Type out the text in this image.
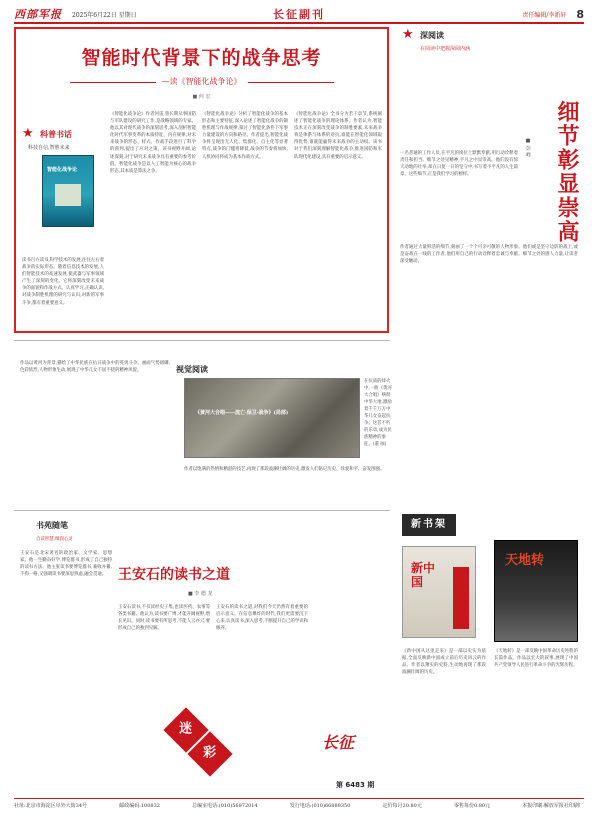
西部军报 2025年6月22日 星期日	长征副刊	责任编辑/李新轩 8
智能时代背景下的战争思考
—读《智能化战争论》
■ 何 宏
★ 科普书话
科技自信,智胜未来
智能化战争论
读书百方读书,科学技术的发展,往往左右着战争的实际形态。随着信息技术的发展,人们智能技术的高速发展,使武器与军事领域产生了深刻的变化。它将深刻改变未来战争的面貌和作战方式。认真学习,正确认识,对战争制胜机理的研究与认识,对新的军事斗争,都有着重要意义。
《智能化战争论》作者何雷,曾长期从事国防与军队建设的研究工作,是战略领域的专家。他以其对现代战争的深刻思考,深入剖析智能化时代军事变革的本质特征、内在规律,对未来战争的形态、样式、作战手段进行了科学的预判,提出了应对之策。该书视野开阔,论述深刻,对于研究未来战争具有重要的参考价值。智能化战争是以人工智能为核心的战争形态,其本质是算法之争。
《智能化战争论》分析了智能化战争的基本形态和主要特征,深入论述了智能化战争的制胜机理与作战规律,探讨了智能化条件下军事力量建设的方向和路径。作者提出,智能化战争将呈现出无人化、集群化、自主化等显著特点,战争的门槛将降低,战争的节奏将加快,人机协同将成为基本作战方式。
《智能化战争论》全书分为若干章节,系统阐述了智能化战争的理论体系。作者认为,智能技术正在深刻改变战争的制胜要素,未来战争将是体系与体系的对抗,谁能在智能化领域取得优势,谁就能赢得未来战争的主动权。该书对于我们深刻理解智能化战争,推进国防和军队现代化建设,具有重要的启示意义。
★ 深阅读
在阅读中把握深阅内涵
细节彰显崇高
■ 彭 峰
一名普通的工作人员,在平凡的岗位上默默奉献,用行动诠释着责任和担当。细节之处见精神,平凡之中显崇高。他们没有惊天动地的壮举,却在日复一日的坚守中,书写着不平凡的人生篇章。这些细节,正是我们学习的榜样。
作者通过大量鲜活的细节,刻画了一个个可亲可敬的人物形象。他们或是坚守边防的战士,或是奋战在一线的工作者,他们用自己的行动诠释着忠诚与奉献。细节之处的感人力量,让读者深受触动。
视觉阅读
《黄河大合唱——流亡·保卫·战争》(局部)
在抗战的烽火中,一曲《黄河大合唱》响彻中华大地,激励着千千万万中华儿女奋起抗争。这首不朽的乐章,成为民族精神的象征。(董 画)
作品以黄河为背景,描绘了中华民族在抗日战争中的英勇斗争。画面气势磅礴,色彩浓烈,人物形象生动,展现了中华儿女不屈不挠的精神风貌。
作者以饱满的热情和精湛的技艺,再现了那段波澜壮阔的历史,激发人们铭记历史、珍爱和平、奋发图强。
书苑随笔
自读智慧,细润心灵
王安石的读书之道
■ 李 德 龙
王安石是北宋著名的政治家、文学家、思想家。他一生勤奋好学,博览群书,形成了自己独特的读书方法。他主张读书要博览群书,兼收并蓄,不拘一格,又强调读书要深思熟虑,融会贯通。
王安石读书,不仅读经史子集,也读医药、农事等各类书籍。他认为,读书要广博,才能开阔视野,增长见识。同时,读书要有所思考,不能人云亦云,要形成自己的独到见解。
王安石的读书之道,对我们今天仍然有着重要的启示意义。在信息爆炸的时代,我们更需要沉下心来,认真读书,深入思考,不断提升自己的学识和修养。
新书架
新中国
天地转
《新中国从这里走来》是一部以史实为依据,全面反映新中国成立前后历史风云的作品。作者以翔实的史料,生动地再现了那段波澜壮阔的历史。
《天地转》是一部反映中国革命历史进程的长篇作品。作品以宏大的叙事,展现了中国共产党领导人民进行革命斗争的光辉历程。
迷
彩
长征
第 6483 期
社址:北京市海淀区阜外大街34号	邮政编码:100832	总编室电话:(010)56972014	发行电话:(010)66889350	定价每月20.80元	零售每份0.80元	本报印刷:解放军报社印刷厂
